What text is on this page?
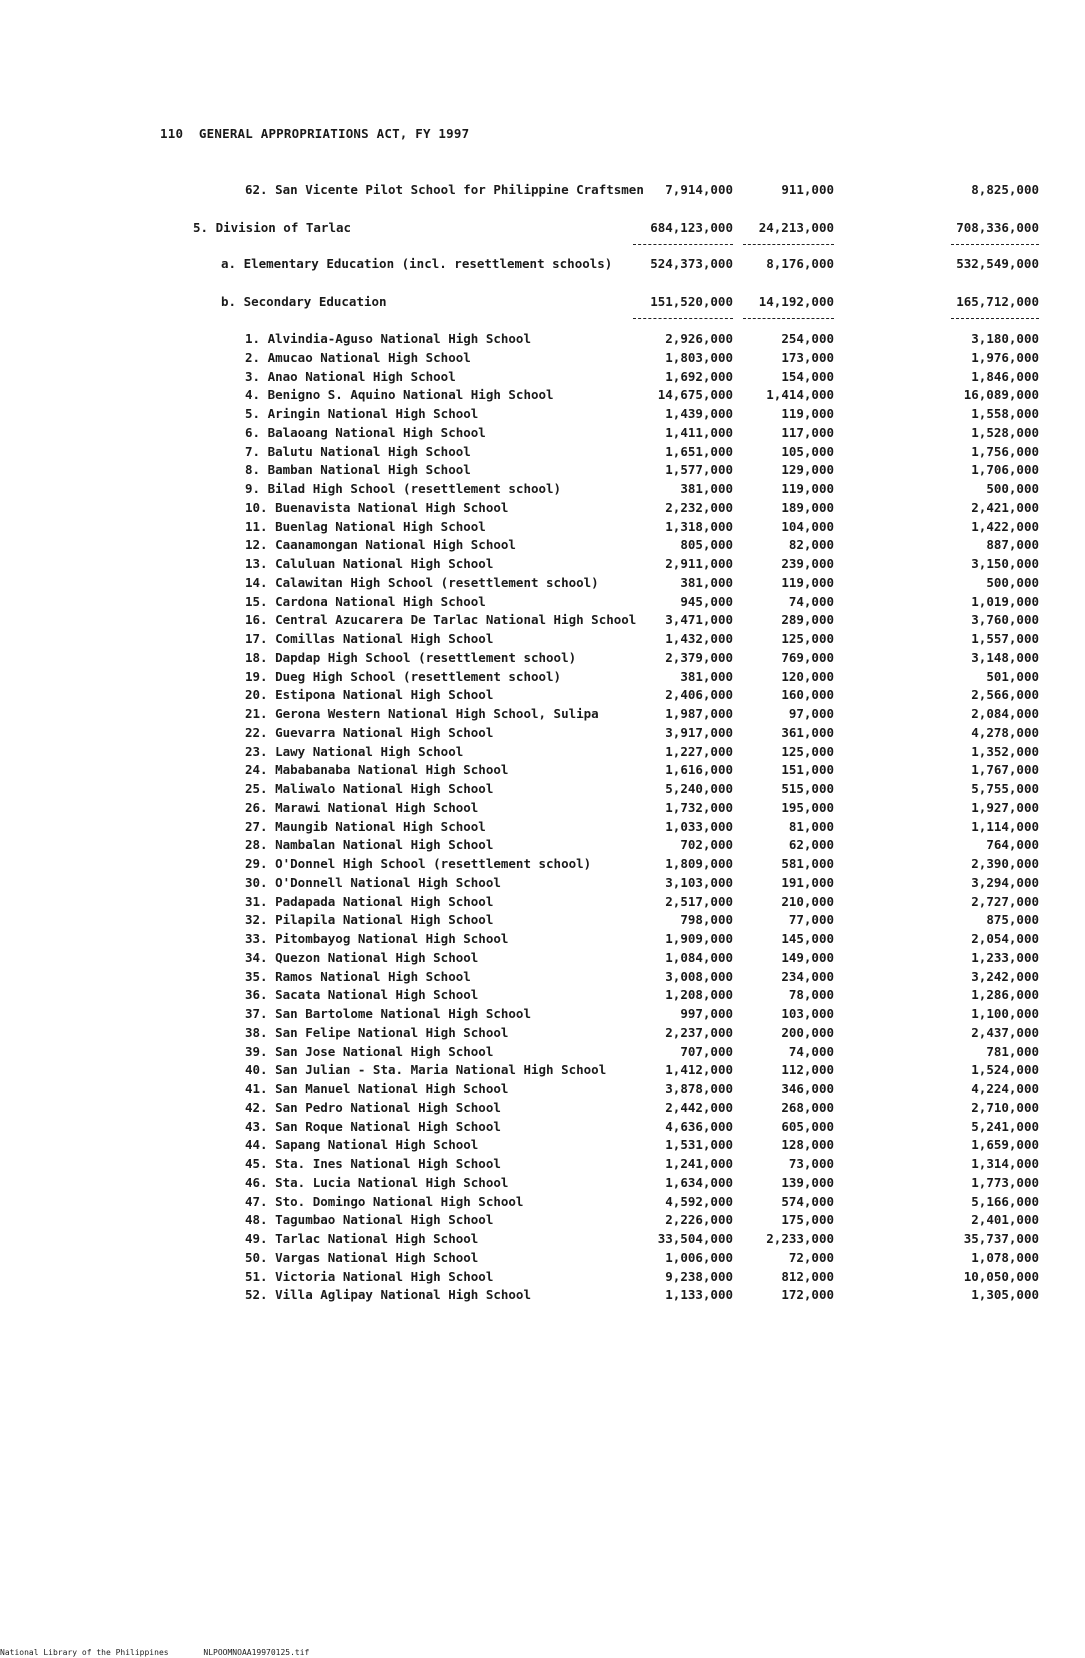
110 GENERAL APPROPRIATIONS ACT, FY 1997
62. San Vicente Pilot School for Philippine Craftsmen 7,914,000	911,000	8,825,000
5. Division of Tarlac	684,123,000 24,213,000	708,336,000
a. Elementary Education (incl. resettlement schools)	524,373,000	8,176,000	532,549,000
b. Secondary Education	151,520,000 14,192,000	165,712,000
1. Alvindia-Aguso National High School	2,926,000	254,000	3,180,000
2. Amucao National High School	1,803,000	173,000	1,976,000
3. Anao National High School	1,692,000	154,000	1,846,000
4. Benigno S. Aquino National High School	14,675,000	1,414,000	16,089,000
5. Aringin National High School	1,439,000	119,000	1,558,000
6. Balaoang National High School	1,411,000	117,000	1,528,000
7. Balutu National High School	1,651,000	105,000	1,756,000
8. Bamban National High School	1,577,000	129,000	1,706,000
9. Bilad High School (resettlement school)	381,000	119,000	500,000
10. Buenavista National High School	2,232,000	189,000	2,421,000
11. Buenlag National High School	1,318,000	104,000	1,422,000
12. Caanamongan National High School	805,000	82,000	887,000
13. Caluluan National High School	2,911,000	239,000	3,150,000
14. Calawitan High School (resettlement school)	381,000	119,000	500,000
15. Cardona National High School	945,000	74,000	1,019,000
16. Central Azucarera De Tarlac National High School 3,471,000	289,000	3,760,000
17. Comillas National High School	1,432,000	125,000	1,557,000
18. Dapdap High School (resettlement school)	2,379,000	769,000	3,148,000
19. Dueg High School (resettlement school)	381,000	120,000	501,000
20. Estipona National High School	2,406,000	160,000	2,566,000
21. Gerona Western National High School, Sulipa	1,987,000	97,000	2,084,000
22. Guevarra National High School	3,917,000	361,000	4,278,000
23. Lawy National High School	1,227,000	125,000	1,352,000
24. Mababanaba National High School	1,616,000	151,000	1,767,000
25. Maliwalo National High School	5,240,000	515,000	5,755,000
26. Marawi National High School	1,732,000	195,000	1,927,000
27. Maungib National High School	1,033,000	81,000	1,114,000
28. Nambalan National High School	702,000	62,000	764,000
29. O'Donnel High School (resettlement school)	1,809,000	581,000	2,390,000
30. O'Donnell National High School	3,103,000	191,000	3,294,000
31. Padapada National High School	2,517,000	210,000	2,727,000
32. Pilapila National High School	798,000	77,000	875,000
33. Pitombayog National High School	1,909,000	145,000	2,054,000
34. Quezon National High School	1,084,000	149,000	1,233,000
35. Ramos National High School	3,008,000	234,000	3,242,000
36. Sacata National High School	1,208,000	78,000	1,286,000
37. San Bartolome National High School	997,000	103,000	1,100,000
38. San Felipe National High School	2,237,000	200,000	2,437,000
39. San Jose National High School	707,000	74,000	781,000
40. San Julian - Sta. Maria National High School	1,412,000	112,000	1,524,000
41. San Manuel National High School	3,878,000	346,000	4,224,000
42. San Pedro National High School	2,442,000	268,000	2,710,000
43. San Roque National High School	4,636,000	605,000	5,241,000
44. Sapang National High School	1,531,000	128,000	1,659,000
45. Sta. Ines National High School	1,241,000	73,000	1,314,000
46. Sta. Lucia National High School	1,634,000	139,000	1,773,000
47. Sto. Domingo National High School	4,592,000	574,000	5,166,000
48. Tagumbao National High School	2,226,000	175,000	2,401,000
49. Tarlac National High School	33,504,000	2,233,000	35,737,000
50. Vargas National High School	1,006,000	72,000	1,078,000
51. Victoria National High School	9,238,000	812,000	10,050,000
52. Villa Aglipay National High School	1,133,000	172,000	1,305,000
National Library of the Philippines	NLPOOMNOAA19970125.tif
